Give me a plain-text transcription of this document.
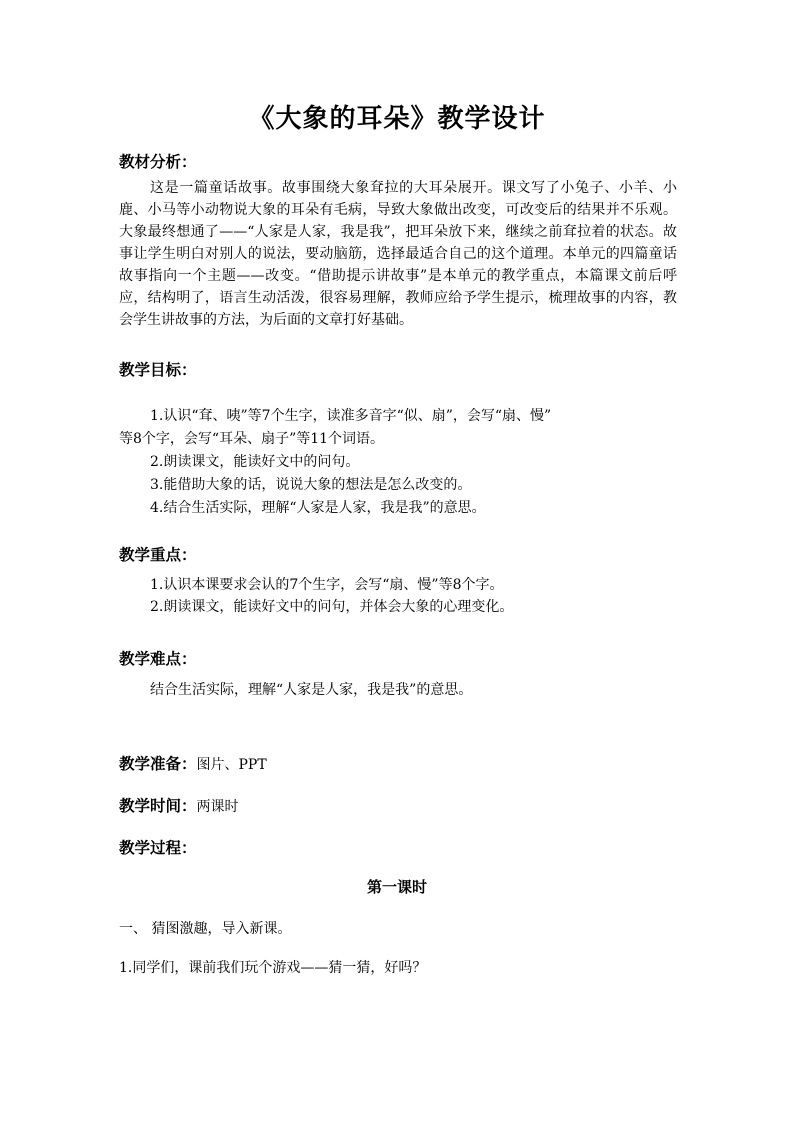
《大象的耳朵》教学设计
教材分析：

这是一篇童话故事。故事围绕大象耷拉的大耳朵展开。课文写了小兔子、小羊、小鹿、小马等小动物说大象的耳朵有毛病，导致大象做出改变，可改变后的结果并不乐观。大象最终想通了——“人家是人家，我是我”，把耳朵放下来，继续之前耷拉着的状态。故事让学生明白对别人的说法，要动脑筋，选择最适合自己的这个道理。本单元的四篇童话故事指向一个主题——改变。“借助提示讲故事”是本单元的教学重点，本篇课文前后呼应，结构明了，语言生动活泼，很容易理解，教师应给予学生提示，梳理故事的内容，教会学生讲故事的方法，为后面的文章打好基础。

教学目标：
1.认识“耷、咦”等7个生字，读准多音字“似、扇”，会写“扇、慢”
等8个字，会写“耳朵、扇子”等11个词语。
2.朗读课文，能读好文中的问句。
3.能借助大象的话，说说大象的想法是怎么改变的。
4.结合生活实际，理解“人家是人家，我是我”的意思。
教学重点：
1.认识本课要求会认的7个生字，会写“扇、慢”等8个字。
2.朗读课文，能读好文中的问句，并体会大象的心理变化。
教学难点：
结合生活实际，理解“人家是人家，我是我”的意思。
教学准备：图片、PPT
教学时间：两课时
教学过程：
第一课时
一、 猜图激趣，导入新课。
1.同学们，课前我们玩个游戏——猜一猜，好吗？
